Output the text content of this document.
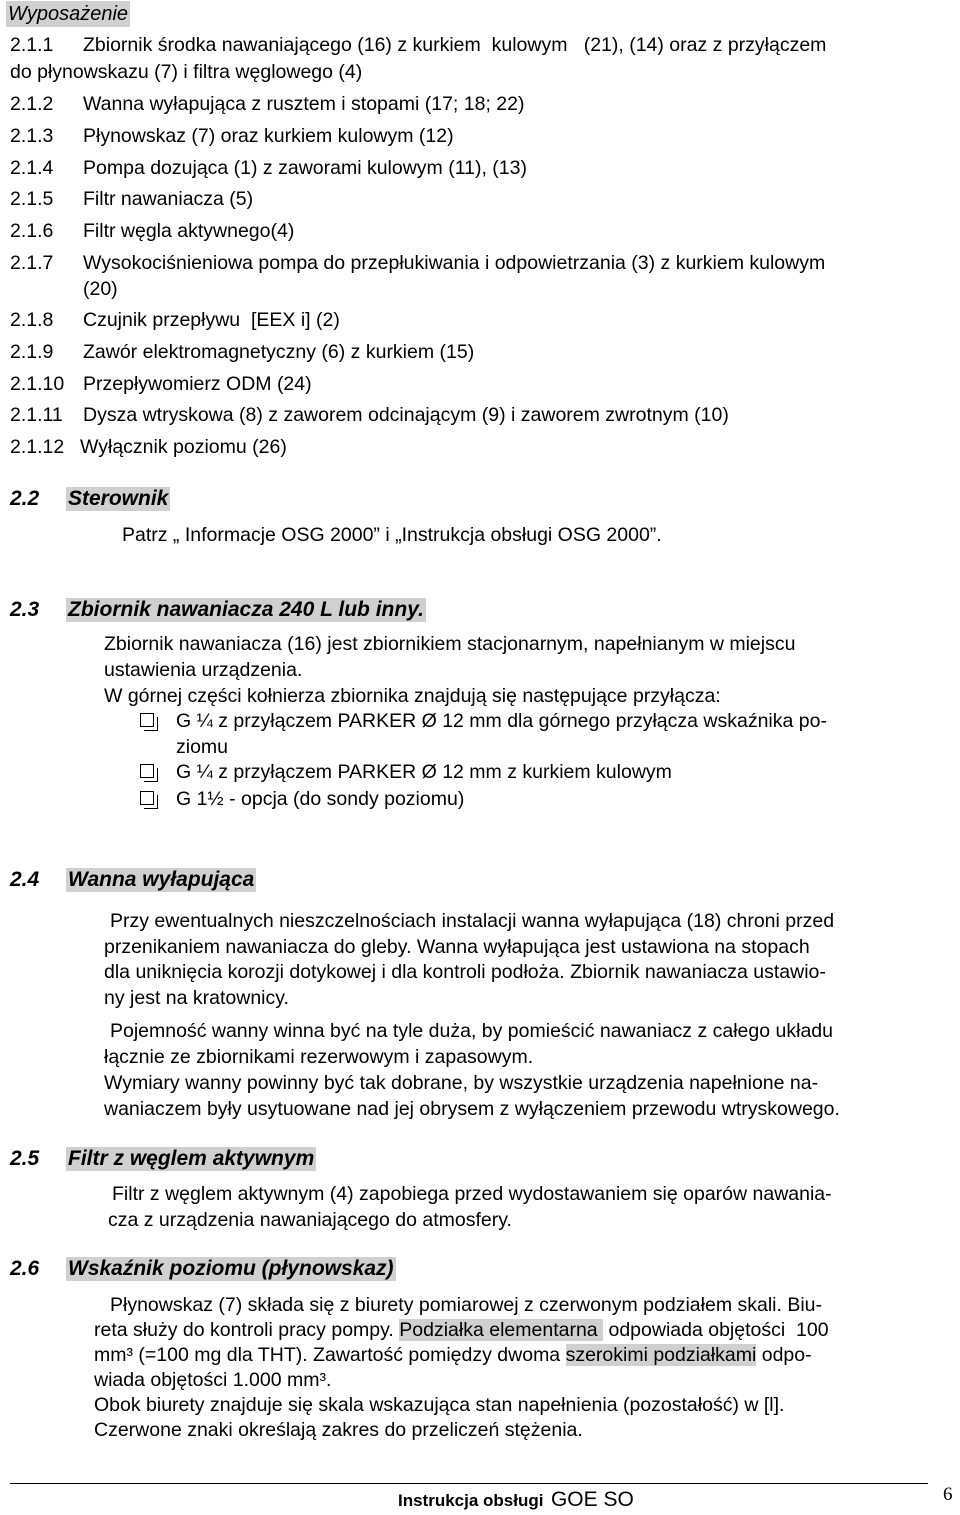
Wyposażenie
2.1.1 Zbiornik środka nawaniającego (16) z kurkiem  kulowym   (21), (14) oraz z przyłączem
do płynowskazu (7) i filtra węglowego (4)
2.1.2 Wanna wyłapująca z rusztem i stopami (17; 18; 22)
2.1.3 Płynowskaz (7) oraz kurkiem kulowym (12)
2.1.4 Pompa dozująca (1) z zaworami kulowym (11), (13)
2.1.5 Filtr nawaniacza (5)
2.1.6 Filtr węgla aktywnego(4)
2.1.7 Wysokociśnieniowa pompa do przepłukiwania i odpowietrzania (3) z kurkiem kulowym
(20)
2.1.8 Czujnik przepływu  [EEX i] (2)
2.1.9 Zawór elektromagnetyczny (6) z kurkiem (15)
2.1.10 Przepływomierz ODM (24)
2.1.11 Dysza wtryskowa (8) z zaworem odcinającym (9) i zaworem zwrotnym (10)
2.1.12 Wyłącznik poziomu (26)
2.2 Sterownik
Patrz „ Informacje OSG 2000” i „Instrukcja obsługi OSG 2000”.
2.3 Zbiornik nawaniacza 240 L lub inny.
Zbiornik nawaniacza (16) jest zbiornikiem stacjonarnym, napełnianym w miejscu
ustawienia urządzenia.
W górnej części kołnierza zbiornika znajdują się następujące przyłącza:
G ¼ z przyłączem PARKER Ø 12 mm dla górnego przyłącza wskaźnika po-
ziomu
G ¼ z przyłączem PARKER Ø 12 mm z kurkiem kulowym
G 1½ - opcja (do sondy poziomu)
2.4 Wanna wyłapująca
Przy ewentualnych nieszczelnościach instalacji wanna wyłapująca (18) chroni przed
przenikaniem nawaniacza do gleby. Wanna wyłapująca jest ustawiona na stopach
dla uniknięcia korozji dotykowej i dla kontroli podłoża. Zbiornik nawaniacza ustawio-
ny jest na kratownicy.
Pojemność wanny winna być na tyle duża, by pomieścić nawaniacz z całego układu
łącznie ze zbiornikami rezerwowym i zapasowym.
Wymiary wanny powinny być tak dobrane, by wszystkie urządzenia napełnione na-
waniaczem były usytuowane nad jej obrysem z wyłączeniem przewodu wtryskowego.
2.5 Filtr z węglem aktywnym
Filtr z węglem aktywnym (4) zapobiega przed wydostawaniem się oparów nawania-
cza z urządzenia nawaniającego do atmosfery.
2.6 Wskaźnik poziomu (płynowskaz)
Płynowskaz (7) składa się z biurety pomiarowej z czerwonym podziałem skali. Biu-
reta służy do kontroli pracy pompy. Podziałka elementarna  odpowiada objętości  100
mm³ (=100 mg dla THT). Zawartość pomiędzy dwoma szerokimi podziałkami odpo-
wiada objętości 1.000 mm³.
Obok biurety znajduje się skala wskazująca stan napełnienia (pozostałość) w [l].
Czerwone znaki określają zakres do przeliczeń stężenia.
Instrukcja obsługi GOE SO	6
